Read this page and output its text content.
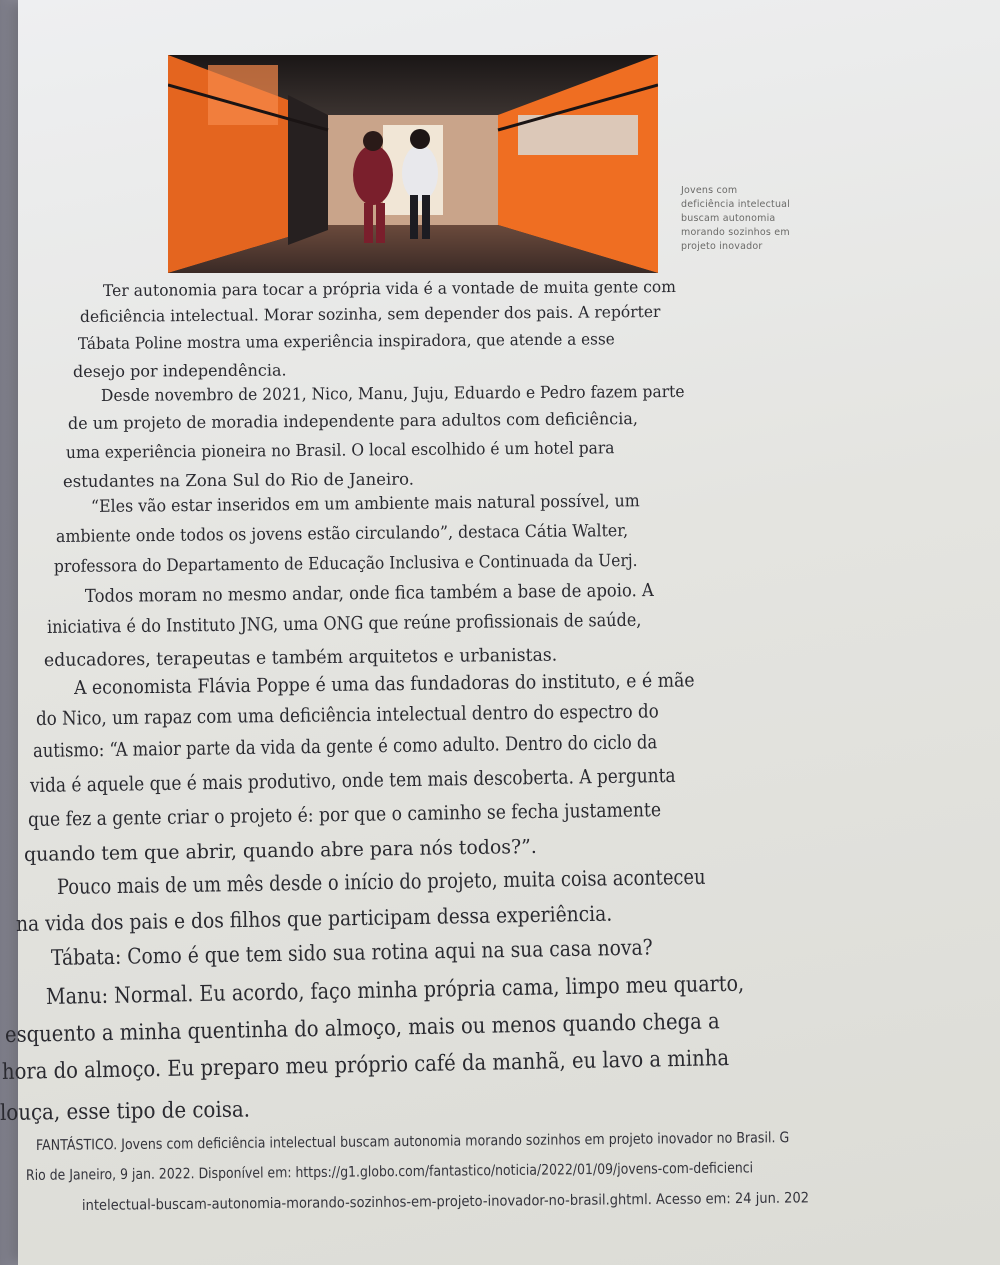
Jovens com
deficiência intelectual
buscam autonomia
morando sozinhos em
projeto inovador
Ter autonomia para tocar a própria vida é a vontade de muita gente com
deficiência intelectual. Morar sozinha, sem depender dos pais. A repórter
Tábata Poline mostra uma experiência inspiradora, que atende a esse
desejo por independência.
Desde novembro de 2021, Nico, Manu, Juju, Eduardo e Pedro fazem parte
de um projeto de moradia independente para adultos com deficiência,
uma experiência pioneira no Brasil. O local escolhido é um hotel para
estudantes na Zona Sul do Rio de Janeiro.
“Eles vão estar inseridos em um ambiente mais natural possível, um
ambiente onde todos os jovens estão circulando”, destaca Cátia Walter,
professora do Departamento de Educação Inclusiva e Continuada da Uerj.
Todos moram no mesmo andar, onde fica também a base de apoio. A
iniciativa é do Instituto JNG, uma ONG que reúne profissionais de saúde,
educadores, terapeutas e também arquitetos e urbanistas.
A economista Flávia Poppe é uma das fundadoras do instituto, e é mãe
do Nico, um rapaz com uma deficiência intelectual dentro do espectro do
autismo: “A maior parte da vida da gente é como adulto. Dentro do ciclo da
vida é aquele que é mais produtivo, onde tem mais descoberta. A pergunta
que fez a gente criar o projeto é: por que o caminho se fecha justamente
quando tem que abrir, quando abre para nós todos?”.
Pouco mais de um mês desde o início do projeto, muita coisa aconteceu
na vida dos pais e dos filhos que participam dessa experiência.
Tábata: Como é que tem sido sua rotina aqui na sua casa nova?
Manu: Normal. Eu acordo, faço minha própria cama, limpo meu quarto,
esquento a minha quentinha do almoço, mais ou menos quando chega a
hora do almoço. Eu preparo meu próprio café da manhã, eu lavo a minha
louça, esse tipo de coisa.
FANTÁSTICO. Jovens com deficiência intelectual buscam autonomia morando sozinhos em projeto inovador no Brasil. G
Rio de Janeiro, 9 jan. 2022. Disponível em: https://g1.globo.com/fantastico/noticia/2022/01/09/jovens-com-deficienci
intelectual-buscam-autonomia-morando-sozinhos-em-projeto-inovador-no-brasil.ghtml. Acesso em: 24 jun. 202
